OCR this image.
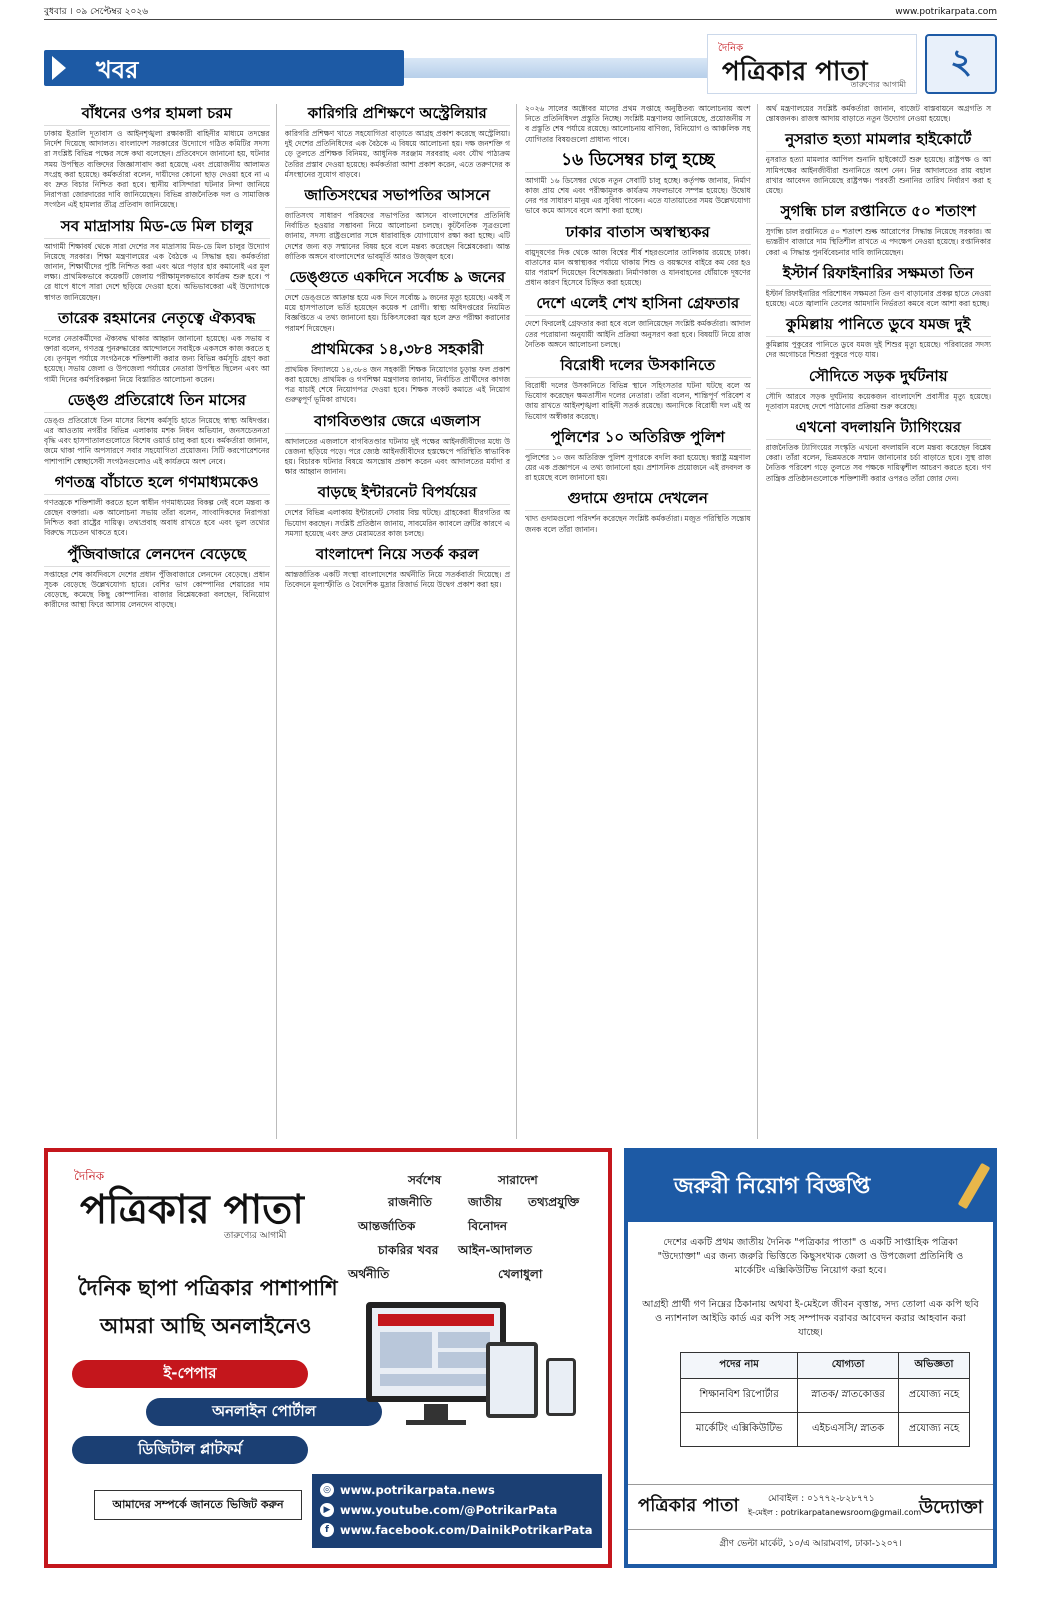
বুধবার । ০৯ সেপ্টেম্বর ২০২৬	www.potrikarpata.com
খবর
দৈনিক
পত্রিকার পাতা
তারুণ্যের আগামী
২
বাঁধনের ওপর হামলা চরম
ঢাকায় ইতালি দূতাবাস ও আইনশৃঙ্খলা রক্ষাকারী বাহিনীর মাধ্যমে তদন্তের নির্দেশ দিয়েছে আদালত। বাংলাদেশ সরকারের উদ্যোগে গঠিত কমিটির সদস্যরা সংশ্লিষ্ট বিভিন্ন পক্ষের সঙ্গে কথা বলেছেন। প্রতিবেদনে জানানো হয়, ঘটনার সময় উপস্থিত ব্যক্তিদের জিজ্ঞাসাবাদ করা হয়েছে এবং প্রয়োজনীয় আলামত সংগ্রহ করা হয়েছে। কর্মকর্তারা বলেন, দায়ীদের কোনো ছাড় দেওয়া হবে না এবং দ্রুত বিচার নিশ্চিত করা হবে। স্থানীয় বাসিন্দারা ঘটনার নিন্দা জানিয়ে নিরাপত্তা জোরদারের দাবি জানিয়েছেন। বিভিন্ন রাজনৈতিক দল ও সামাজিক সংগঠন এই হামলার তীব্র প্রতিবাদ জানিয়েছে।
সব মাদ্রাসায় মিড-ডে মিল চালুর
আগামী শিক্ষাবর্ষ থেকে সারা দেশের সব মাদ্রাসায় মিড-ডে মিল চালুর উদ্যোগ নিয়েছে সরকার। শিক্ষা মন্ত্রণালয়ের এক বৈঠকে এ সিদ্ধান্ত হয়। কর্মকর্তারা জানান, শিক্ষার্থীদের পুষ্টি নিশ্চিত করা এবং ঝরে পড়ার হার কমানোই এর মূল লক্ষ্য। প্রাথমিকভাবে কয়েকটি জেলায় পরীক্ষামূলকভাবে কার্যক্রম শুরু হবে। পরে ধাপে ধাপে সারা দেশে ছড়িয়ে দেওয়া হবে। অভিভাবকেরা এই উদ্যোগকে স্বাগত জানিয়েছেন।
তারেক রহমানের নেতৃত্বে ঐক্যবদ্ধ
দলের নেতাকর্মীদের ঐক্যবদ্ধ থাকার আহ্বান জানানো হয়েছে। এক সভায় বক্তারা বলেন, গণতন্ত্র পুনরুদ্ধারের আন্দোলনে সবাইকে একসঙ্গে কাজ করতে হবে। তৃণমূল পর্যায়ে সংগঠনকে শক্তিশালী করার জন্য বিভিন্ন কর্মসূচি গ্রহণ করা হয়েছে। সভায় জেলা ও উপজেলা পর্যায়ের নেতারা উপস্থিত ছিলেন এবং আগামী দিনের কর্মপরিকল্পনা নিয়ে বিস্তারিত আলোচনা করেন।
ডেঙ্গু প্রতিরোধে তিন মাসের
ডেঙ্গু প্রতিরোধে তিন মাসের বিশেষ কর্মসূচি হাতে নিয়েছে স্বাস্থ্য অধিদপ্তর। এর আওতায় নগরীর বিভিন্ন এলাকায় মশক নিধন অভিযান, জনসচেতনতা বৃদ্ধি এবং হাসপাতালগুলোতে বিশেষ ওয়ার্ড চালু করা হবে। কর্মকর্তারা জানান, জমে থাকা পানি অপসারণে সবার সহযোগিতা প্রয়োজন। সিটি করপোরেশনের পাশাপাশি স্বেচ্ছাসেবী সংগঠনগুলোও এই কার্যক্রমে অংশ নেবে।
গণতন্ত্র বাঁচাতে হলে গণমাধ্যমকেও
গণতন্ত্রকে শক্তিশালী করতে হলে স্বাধীন গণমাধ্যমের বিকল্প নেই বলে মন্তব্য করেছেন বক্তারা। এক আলোচনা সভায় তাঁরা বলেন, সাংবাদিকদের নিরাপত্তা নিশ্চিত করা রাষ্ট্রের দায়িত্ব। তথ্যপ্রবাহ অবাধ রাখতে হবে এবং ভুল তথ্যের বিরুদ্ধে সচেতন থাকতে হবে।
পুঁজিবাজারে লেনদেন বেড়েছে
সপ্তাহের শেষ কার্যদিবসে দেশের প্রধান পুঁজিবাজারে লেনদেন বেড়েছে। প্রধান সূচক বেড়েছে উল্লেখযোগ্য হারে। বেশির ভাগ কোম্পানির শেয়ারের দাম বেড়েছে, কমেছে কিছু কোম্পানির। বাজার বিশ্লেষকেরা বলছেন, বিনিয়োগকারীদের আস্থা ফিরে আসায় লেনদেন বাড়ছে।
কারিগরি প্রশিক্ষণে অস্ট্রেলিয়ার
কারিগরি প্রশিক্ষণ খাতে সহযোগিতা বাড়াতে আগ্রহ প্রকাশ করেছে অস্ট্রেলিয়া। দুই দেশের প্রতিনিধিদের এক বৈঠকে এ বিষয়ে আলোচনা হয়। দক্ষ জনশক্তি গড়ে তুলতে প্রশিক্ষক বিনিময়, আধুনিক সরঞ্জাম সরবরাহ এবং যৌথ পাঠ্যক্রম তৈরির প্রস্তাব দেওয়া হয়েছে। কর্মকর্তারা আশা প্রকাশ করেন, এতে তরুণদের কর্মসংস্থানের সুযোগ বাড়বে।
জাতিসংঘের সভাপতির আসনে
জাতিসংঘ সাধারণ পরিষদের সভাপতির আসনে বাংলাদেশের প্রতিনিধি নির্বাচিত হওয়ার সম্ভাবনা নিয়ে আলোচনা চলছে। কূটনৈতিক সূত্রগুলো জানায়, সদস্য রাষ্ট্রগুলোর সঙ্গে ধারাবাহিক যোগাযোগ রক্ষা করা হচ্ছে। এটি দেশের জন্য বড় সম্মানের বিষয় হবে বলে মন্তব্য করেছেন বিশ্লেষকেরা। আন্তর্জাতিক অঙ্গনে বাংলাদেশের ভাবমূর্তি আরও উজ্জ্বল হবে।
ডেঙ্গুতে একদিনে সর্বোচ্চ ৯ জনের
দেশে ডেঙ্গুতে আক্রান্ত হয়ে এক দিনে সর্বোচ্চ ৯ জনের মৃত্যু হয়েছে। একই সময়ে হাসপাতালে ভর্তি হয়েছেন কয়েক শ রোগী। স্বাস্থ্য অধিদপ্তরের নিয়মিত বিজ্ঞপ্তিতে এ তথ্য জানানো হয়। চিকিৎসকেরা জ্বর হলে দ্রুত পরীক্ষা করানোর পরামর্শ দিয়েছেন।
প্রাথমিকের ১৪,৩৮৪ সহকারী
প্রাথমিক বিদ্যালয়ে ১৪,৩৮৪ জন সহকারী শিক্ষক নিয়োগের চূড়ান্ত ফল প্রকাশ করা হয়েছে। প্রাথমিক ও গণশিক্ষা মন্ত্রণালয় জানায়, নির্বাচিত প্রার্থীদের কাগজপত্র যাচাই শেষে নিয়োগপত্র দেওয়া হবে। শিক্ষক সংকট কমাতে এই নিয়োগ গুরুত্বপূর্ণ ভূমিকা রাখবে।
বাগবিতণ্ডার জেরে এজলাস
আদালতের এজলাসে বাগবিতণ্ডার ঘটনায় দুই পক্ষের আইনজীবীদের মধ্যে উত্তেজনা ছড়িয়ে পড়ে। পরে জ্যেষ্ঠ আইনজীবীদের হস্তক্ষেপে পরিস্থিতি স্বাভাবিক হয়। বিচারক ঘটনার বিষয়ে অসন্তোষ প্রকাশ করেন এবং আদালতের মর্যাদা রক্ষার আহ্বান জানান।
বাড়ছে ইন্টারনেট বিপর্যয়ের
দেশের বিভিন্ন এলাকায় ইন্টারনেট সেবায় বিঘ্ন ঘটছে। গ্রাহকেরা ধীরগতির অভিযোগ করছেন। সংশ্লিষ্ট প্রতিষ্ঠান জানায়, সাবমেরিন ক্যাবলে ত্রুটির কারণে এ সমস্যা হয়েছে এবং দ্রুত মেরামতের কাজ চলছে।
বাংলাদেশ নিয়ে সতর্ক করল
আন্তর্জাতিক একটি সংস্থা বাংলাদেশের অর্থনীতি নিয়ে সতর্কবার্তা দিয়েছে। প্রতিবেদনে মূল্যস্ফীতি ও বৈদেশিক মুদ্রার রিজার্ভ নিয়ে উদ্বেগ প্রকাশ করা হয়।
২০২৬ সালের অক্টোবর মাসের প্রথম সপ্তাহে অনুষ্ঠিতব্য আলোচনায় অংশ নিতে প্রতিনিধিদল প্রস্তুতি নিচ্ছে। সংশ্লিষ্ট মন্ত্রণালয় জানিয়েছে, প্রয়োজনীয় সব প্রস্তুতি শেষ পর্যায়ে রয়েছে। আলোচনায় বাণিজ্য, বিনিয়োগ ও আঞ্চলিক সহযোগিতার বিষয়গুলো প্রাধান্য পাবে।
১৬ ডিসেম্বর চালু হচ্ছে
আগামী ১৬ ডিসেম্বর থেকে নতুন সেবাটি চালু হচ্ছে। কর্তৃপক্ষ জানায়, নির্মাণকাজ প্রায় শেষ এবং পরীক্ষামূলক কার্যক্রম সফলভাবে সম্পন্ন হয়েছে। উদ্বোধনের পর সাধারণ মানুষ এর সুবিধা পাবেন। এতে যাতায়াতের সময় উল্লেখযোগ্যভাবে কমে আসবে বলে আশা করা হচ্ছে।
ঢাকার বাতাস অস্বাস্থ্যকর
বায়ুদূষণের দিক থেকে আজ বিশ্বের শীর্ষ শহরগুলোর তালিকায় রয়েছে ঢাকা। বাতাসের মান অস্বাস্থ্যকর পর্যায়ে থাকায় শিশু ও বয়স্কদের বাইরে কম বের হওয়ার পরামর্শ দিয়েছেন বিশেষজ্ঞরা। নির্মাণকাজ ও যানবাহনের ধোঁয়াকে দূষণের প্রধান কারণ হিসেবে চিহ্নিত করা হয়েছে।
দেশে এলেই শেখ হাসিনা গ্রেফতার
দেশে ফিরলেই গ্রেফতার করা হবে বলে জানিয়েছেন সংশ্লিষ্ট কর্মকর্তারা। আদালতের পরোয়ানা অনুযায়ী আইনি প্রক্রিয়া অনুসরণ করা হবে। বিষয়টি নিয়ে রাজনৈতিক অঙ্গনে আলোচনা চলছে।
বিরোধী দলের উসকানিতে
বিরোধী দলের উসকানিতে বিভিন্ন স্থানে সহিংসতার ঘটনা ঘটছে বলে অভিযোগ করেছেন ক্ষমতাসীন দলের নেতারা। তাঁরা বলেন, শান্তিপূর্ণ পরিবেশ বজায় রাখতে আইনশৃঙ্খলা বাহিনী সতর্ক রয়েছে। অন্যদিকে বিরোধী দল এই অভিযোগ অস্বীকার করেছে।
পুলিশের ১০ অতিরিক্ত পুলিশ
পুলিশের ১০ জন অতিরিক্ত পুলিশ সুপারকে বদলি করা হয়েছে। স্বরাষ্ট্র মন্ত্রণালয়ের এক প্রজ্ঞাপনে এ তথ্য জানানো হয়। প্রশাসনিক প্রয়োজনে এই রদবদল করা হয়েছে বলে জানানো হয়।
গুদামে গুদামে দেখলেন
খাদ্য গুদামগুলো পরিদর্শন করেছেন সংশ্লিষ্ট কর্মকর্তারা। মজুত পরিস্থিতি সন্তোষজনক বলে তাঁরা জানান।
অর্থ মন্ত্রণালয়ের সংশ্লিষ্ট কর্মকর্তারা জানান, বাজেট বাস্তবায়নে অগ্রগতি সন্তোষজনক। রাজস্ব আদায় বাড়াতে নতুন উদ্যোগ নেওয়া হয়েছে।
নুসরাত হত্যা মামলার হাইকোর্টে
নুসরাত হত্যা মামলার আপিল শুনানি হাইকোর্টে শুরু হয়েছে। রাষ্ট্রপক্ষ ও আসামিপক্ষের আইনজীবীরা শুনানিতে অংশ নেন। নিম্ন আদালতের রায় বহাল রাখার আবেদন জানিয়েছে রাষ্ট্রপক্ষ। পরবর্তী শুনানির তারিখ নির্ধারণ করা হয়েছে।
সুগন্ধি চাল রপ্তানিতে ৫০ শতাংশ
সুগন্ধি চাল রপ্তানিতে ৫০ শতাংশ শুল্ক আরোপের সিদ্ধান্ত নিয়েছে সরকার। অভ্যন্তরীণ বাজারে দাম স্থিতিশীল রাখতে এ পদক্ষেপ নেওয়া হয়েছে। রপ্তানিকারকেরা এ সিদ্ধান্ত পুনর্বিবেচনার দাবি জানিয়েছেন।
ইস্টার্ন রিফাইনারির সক্ষমতা তিন
ইস্টার্ন রিফাইনারির পরিশোধন সক্ষমতা তিন গুণ বাড়ানোর প্রকল্প হাতে নেওয়া হয়েছে। এতে জ্বালানি তেলের আমদানি নির্ভরতা কমবে বলে আশা করা হচ্ছে।
কুমিল্লায় পানিতে ডুবে যমজ দুই
কুমিল্লায় পুকুরের পানিতে ডুবে যমজ দুই শিশুর মৃত্যু হয়েছে। পরিবারের সদস্যদের অগোচরে শিশুরা পুকুরে পড়ে যায়।
সৌদিতে সড়ক দুর্ঘটনায়
সৌদি আরবে সড়ক দুর্ঘটনায় কয়েকজন বাংলাদেশি প্রবাসীর মৃত্যু হয়েছে। দূতাবাস মরদেহ দেশে পাঠানোর প্রক্রিয়া শুরু করেছে।
এখনো বদলায়নি ট্যাগিংয়ের
রাজনৈতিক ট্যাগিংয়ের সংস্কৃতি এখনো বদলায়নি বলে মন্তব্য করেছেন বিশ্লেষকেরা। তাঁরা বলেন, ভিন্নমতকে সম্মান জানানোর চর্চা বাড়াতে হবে। সুস্থ রাজনৈতিক পরিবেশ গড়ে তুলতে সব পক্ষকে দায়িত্বশীল আচরণ করতে হবে। গণতান্ত্রিক প্রতিষ্ঠানগুলোকে শক্তিশালী করার ওপরও তাঁরা জোর দেন।
দৈনিক
পত্রিকার পাতা
তারুণ্যের আগামী
সর্বশেষ	সারাদেশ
রাজনীতি	জাতীয় তথ্যপ্রযুক্তি
আন্তর্জাতিক	বিনোদন
চাকরির খবর আইন-আদালত
অর্থনীতি	খেলাধুলা
দৈনিক ছাপা পত্রিকার পাশাপাশি
আমরা আছি অনলাইনেও
ই-পেপার
অনলাইন পোর্টাল
ডিজিটাল প্লাটফর্ম
আমাদের সম্পর্কে জানতে ভিজিট করুন
◎ www.potrikarpata.news
▶ www.youtube.com/@PotrikarPata
f www.facebook.com/DainikPotrikarPata
জরুরী নিয়োগ বিজ্ঞপ্তি
দেশের একটি প্রথম জাতীয় দৈনিক "পত্রিকার পাতা" ও একটি সাপ্তাহিক পত্রিকা "উদ্যোক্তা" এর জন্য জরুরি ভিত্তিতে কিছুসংখ্যক জেলা ও উপজেলা প্রতিনিধি ও মার্কেটিং এক্সিকিউটিভ নিয়োগ করা হবে।
আগ্রহী প্রার্থী গণ নিম্নের ঠিকানায় অথবা ই-মেইলে জীবন বৃত্তান্ত, সদ্য তোলা এক কপি ছবি ও ন্যাশনাল আইডি কার্ড এর কপি সহ সম্পাদক বরাবর আবেদন করার আহবান করা যাচ্ছে।
পদের নাম	যোগ্যতা	অভিজ্ঞতা
শিক্ষানবিশ রিপোর্টার	স্নাতক/ স্নাতকোত্তর	প্রযোজ্য নহে
মার্কেটিং এক্সিকিউটিভ	এইচএসসি/ স্নাতক	প্রযোজ্য নহে
পত্রিকার পাতা	মোবাইল : ০১৭৭২-৮২৮৭৭১
ই-মেইল : potrikarpatanewsroom@gmail.com
উদ্যোক্তা
গ্রীণ ভেল্টা মার্কেট, ১০/এ আরামবাগ, ঢাকা-১২০৭।
